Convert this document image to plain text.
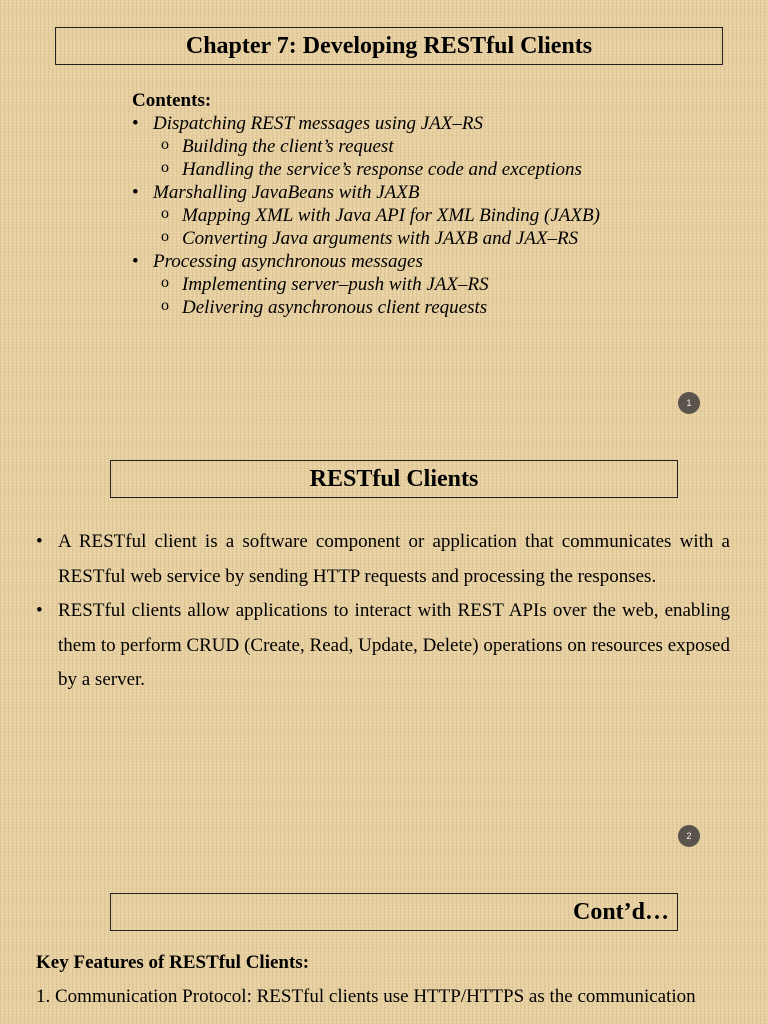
Chapter 7: Developing RESTful Clients
Contents:
• Dispatching REST messages using JAX–RS
o Building the client’s request
o Handling the service’s response code and exceptions
• Marshalling JavaBeans with JAXB
o Mapping XML with Java API for XML Binding (JAXB)
o Converting Java arguments with JAXB and JAX–RS
• Processing asynchronous messages
o Implementing server–push with JAX–RS
o Delivering asynchronous client requests
1
RESTful Clients
• A RESTful client is a software component or application that communicates with a RESTful web service by sending HTTP requests and processing the responses.
• RESTful clients allow applications to interact with REST APIs over the web, enabling them to perform CRUD (Create, Read, Update, Delete) operations on resources exposed by a server.
2
Cont’d…
Key Features of RESTful Clients:
1. Communication Protocol: RESTful clients use HTTP/HTTPS as the communication
